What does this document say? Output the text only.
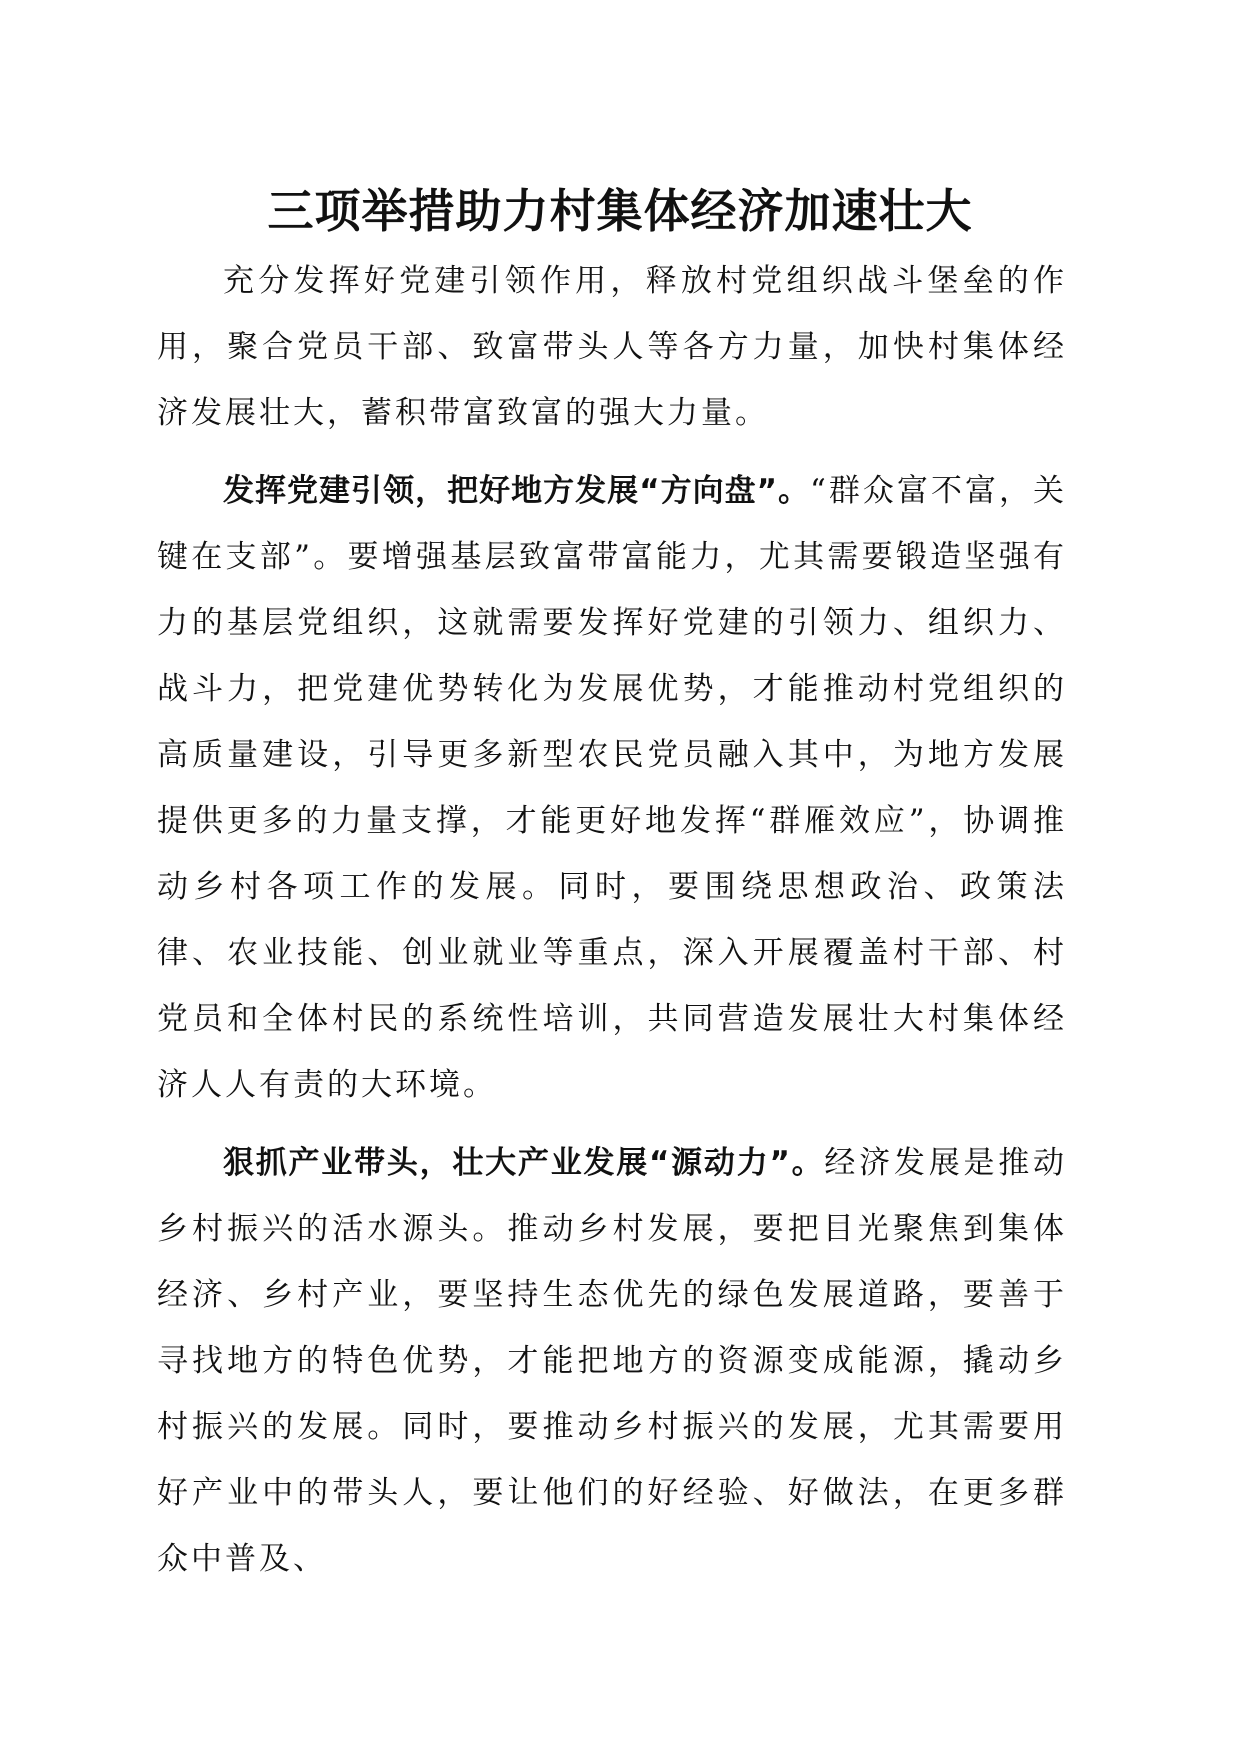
三项举措助力村集体经济加速壮大

充分发挥好党建引领作用，释放村党组织战斗堡垒的作用，聚合党员干部、致富带头人等各方力量，加快村集体经济发展壮大，蓄积带富致富的强大力量。

发挥党建引领，把好地方发展“方向盘”。“群众富不富，关键在支部”。要增强基层致富带富能力，尤其需要锻造坚强有力的基层党组织，这就需要发挥好党建的引领力、组织力、战斗力，把党建优势转化为发展优势，才能推动村党组织的高质量建设，引导更多新型农民党员融入其中，为地方发展提供更多的力量支撑，才能更好地发挥“群雁效应”，协调推动乡村各项工作的发展。同时，要围绕思想政治、政策法律、农业技能、创业就业等重点，深入开展覆盖村干部、村党员和全体村民的系统性培训，共同营造发展壮大村集体经济人人有责的大环境。

狠抓产业带头，壮大产业发展“源动力”。经济发展是推动乡村振兴的活水源头。推动乡村发展，要把目光聚焦到集体经济、乡村产业，要坚持生态优先的绿色发展道路，要善于寻找地方的特色优势，才能把地方的资源变成能源，撬动乡村振兴的发展。同时，要推动乡村振兴的发展，尤其需要用好产业中的带头人，要让他们的好经验、好做法，在更多群众中普及、
